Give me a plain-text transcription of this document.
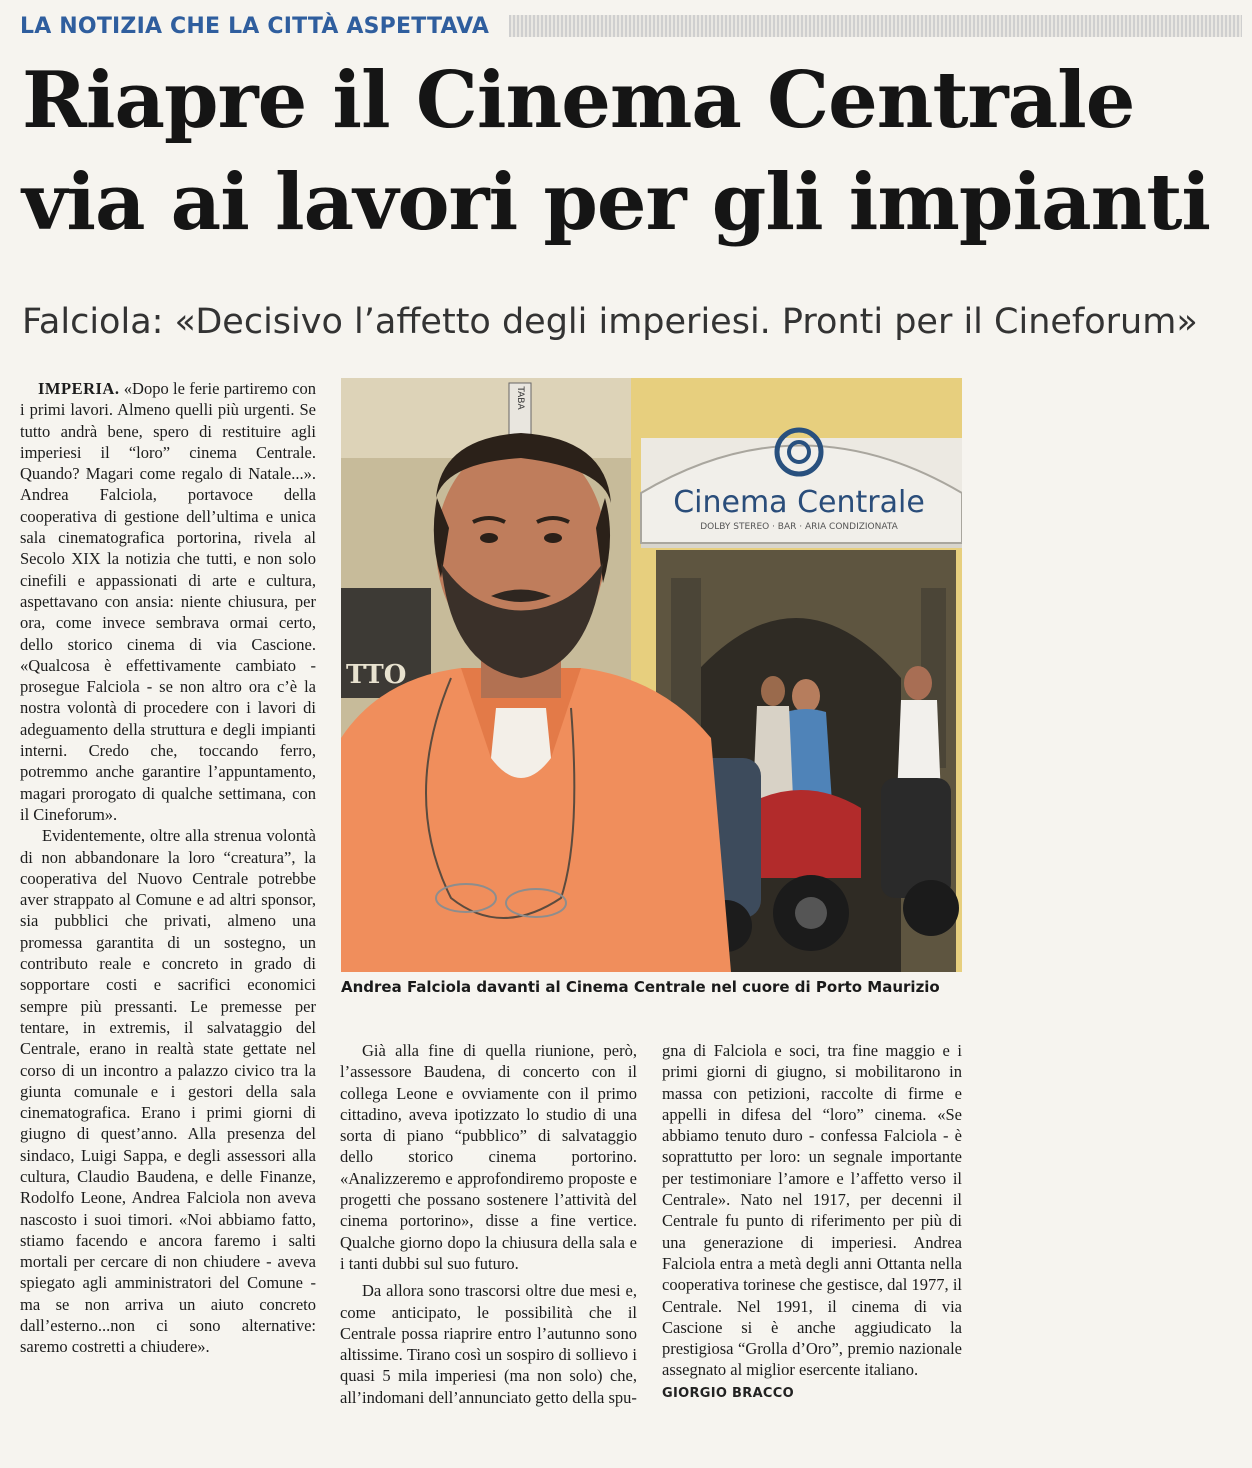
LA NOTIZIA CHE LA CITTÀ ASPETTAVA
Riapre il Cinema Centrale
via ai lavori per gli impianti
Falciola: «Decisivo l’affetto degli imperiesi. Pronti per il Cineforum»

IMPERIA. «Dopo le ferie partiremo con i primi lavori. Almeno quelli più urgenti. Se tutto andrà bene, spero di restituire agli imperiesi il “loro” cinema Centrale. Quando? Magari come regalo di Natale...». Andrea Falciola, portavoce della cooperativa di gestione dell’ultima e unica sala cinematografica portorina, rivela al Secolo XIX la notizia che tutti, e non solo cinefili e appassionati di arte e cultura, aspettavano con ansia: niente chiusura, per ora, come invece sembrava ormai certo, dello storico cinema di via Cascione. «Qualcosa è effettivamente cambiato - prosegue Falciola - se non altro ora c’è la nostra volontà di procedere con i lavori di adeguamento della struttura e degli impianti interni. Credo che, toccando ferro, potremmo anche garantire l’appuntamento, magari prorogato di qualche settimana, con il Cineforum».

Evidentemente, oltre alla strenua volontà di non abbandonare la loro “creatura”, la cooperativa del Nuovo Centrale potrebbe aver strappato al Comune e ad altri sponsor, sia pubblici che privati, almeno una promessa garantita di un sostegno, un contributo reale e concreto in grado di sopportare costi e sacrifici economici sempre più pressanti. Le premesse per tentare, in extremis, il salvataggio del Centrale, erano in realtà state gettate nel corso di un incontro a palazzo civico tra la giunta comunale e i gestori della sala cinematografica. Erano i primi giorni di giugno di quest’anno. Alla presenza del sindaco, Luigi Sappa, e degli assessori alla cultura, Claudio Baudena, e delle Finanze, Rodolfo Leone, Andrea Falciola non aveva nascosto i suoi timori. «Noi abbiamo fatto, stiamo facendo e ancora faremo i salti mortali per cercare di non chiudere - aveva spiegato agli amministratori del Comune - ma se non arriva un aiuto concreto dall’esterno...non ci sono alternative: saremo costretti a chiudere».

TTO
TABA
Cinema Centrale
DOLBY STEREO · BAR · ARIA CONDIZIONATA
Andrea Falciola davanti al Cinema Centrale nel cuore di Porto Maurizio

Già alla fine di quella riunione, però, l’assessore Baudena, di concerto con il collega Leone e ovviamente con il primo cittadino, aveva ipotizzato lo studio di una sorta di piano “pubblico” di salvataggio dello storico cinema portorino. «Analizzeremo e approfondiremo proposte e progetti che possano sostenere l’attività del cinema portorino», disse a fine vertice. Qualche giorno dopo la chiusura della sala e i tanti dubbi sul suo futuro.

Da allora sono trascorsi oltre due mesi e, come anticipato, le possibilità che il Centrale possa riaprire entro l’autunno sono altissime. Tirano così un sospiro di sollievo i quasi 5 mila imperiesi (ma non solo) che, all’indomani dell’annunciato getto della spu-

gna di Falciola e soci, tra fine maggio e i primi giorni di giugno, si mobilitarono in massa con petizioni, raccolte di firme e appelli in difesa del “loro” cinema. «Se abbiamo tenuto duro - confessa Falciola - è soprattutto per loro: un segnale importante per testimoniare l’amore e l’affetto verso il Centrale». Nato nel 1917, per decenni il Centrale fu punto di riferimento per più di una generazione di imperiesi. Andrea Falciola entra a metà degli anni Ottanta nella cooperativa torinese che gestisce, dal 1977, il Centrale. Nel 1991, il cinema di via Cascione si è anche aggiudicato la prestigiosa “Grolla d’Oro”, premio nazionale assegnato al miglior esercente italiano.

GIORGIO BRACCO
